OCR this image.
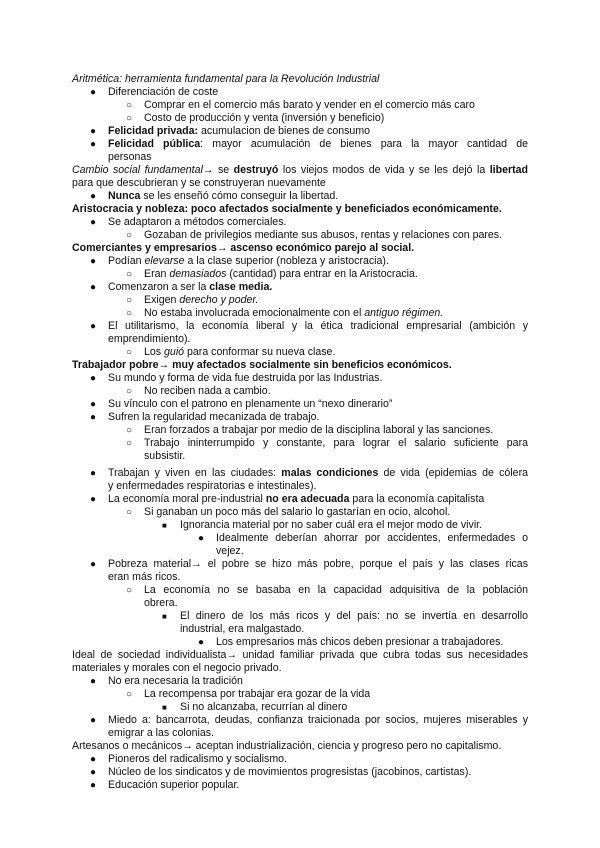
Aritmética: herramienta fundamental para la Revolución Industrial
● Diferenciación de coste
○ Comprar en el comercio más barato y vender en el comercio más caro
○ Costo de producción y venta (inversión y beneficio)
● Felicidad privada: acumulacion de bienes de consumo
● Felicidad pública: mayor acumulación de bienes para la mayor cantidad de
personas
Cambio social fundamental→ se destruyó los viejos modos de vida y se les dejó la libertad
para que descubrieran y se construyeran nuevamente
● Nunca se les enseñó cómo conseguir la libertad.
Aristocracia y nobleza: poco afectados socialmente y beneficiados económicamente.
● Se adaptaron a métodos comerciales.
○ Gozaban de privilegios mediante sus abusos, rentas y relaciones con pares.
Comerciantes y empresarios→ ascenso económico parejo al social.
● Podían elevarse a la clase superior (nobleza y aristocracia).
○ Eran demasiados (cantidad) para entrar en la Aristocracia.
● Comenzaron a ser la clase media.
○ Exigen derecho y poder.
○ No estaba involucrada emocionalmente con el antiguo régimen.
● El utilitarismo, la economía liberal y la ética tradicional empresarial (ambición y
emprendimiento).
○ Los guió para conformar su nueva clase.
Trabajador pobre→ muy afectados socialmente sin beneficios económicos.
● Su mundo y forma de vida fue destruida por las Industrias.
○ No reciben nada a cambio.
● Su vínculo con el patrono en plenamente un “nexo dinerario”
● Sufren la regularidad mecanizada de trabajo.
○ Eran forzados a trabajar por medio de la disciplina laboral y las sanciones.
○ Trabajo ininterrumpido y constante, para lograr el salario suficiente para
subsistir.
● Trabajan y viven en las ciudades: malas condiciones de vida (epidemias de cólera
y enfermedades respiratorias e intestinales).
● La economía moral pre-industrial no era adecuada para la economía capitalista
○ Si ganaban un poco más del salario lo gastarían en ocio, alcohol.
■ Ignorancia material por no saber cuál era el mejor modo de vivir.
● Idealmente deberían ahorrar por accidentes, enfermedades o
vejez.
● Pobreza material→ el pobre se hizo más pobre, porque el país y las clases ricas
eran más ricos.
○ La economía no se basaba en la capacidad adquisitiva de la población
obrera.
■ El dinero de los más ricos y del país: no se invertía en desarrollo
industrial, era malgastado.
● Los empresarios más chicos deben presionar a trabajadores.
Ideal de sociedad individualista→ unidad familiar privada que cubra todas sus necesidades
materiales y morales con el negocio privado.
● No era necesaria la tradición
○ La recompensa por trabajar era gozar de la vida
■ Si no alcanzaba, recurrían al dinero
● Miedo a: bancarrota, deudas, confianza traicionada por socios, mujeres miserables y
emigrar a las colonias.
Artesanos o mecánicos→ aceptan industrialización, ciencia y progreso pero no capitalismo.
● Pioneros del radicalismo y socialismo.
● Núcleo de los sindicatos y de movimientos progresistas (jacobinos, cartistas).
● Educación superior popular.
